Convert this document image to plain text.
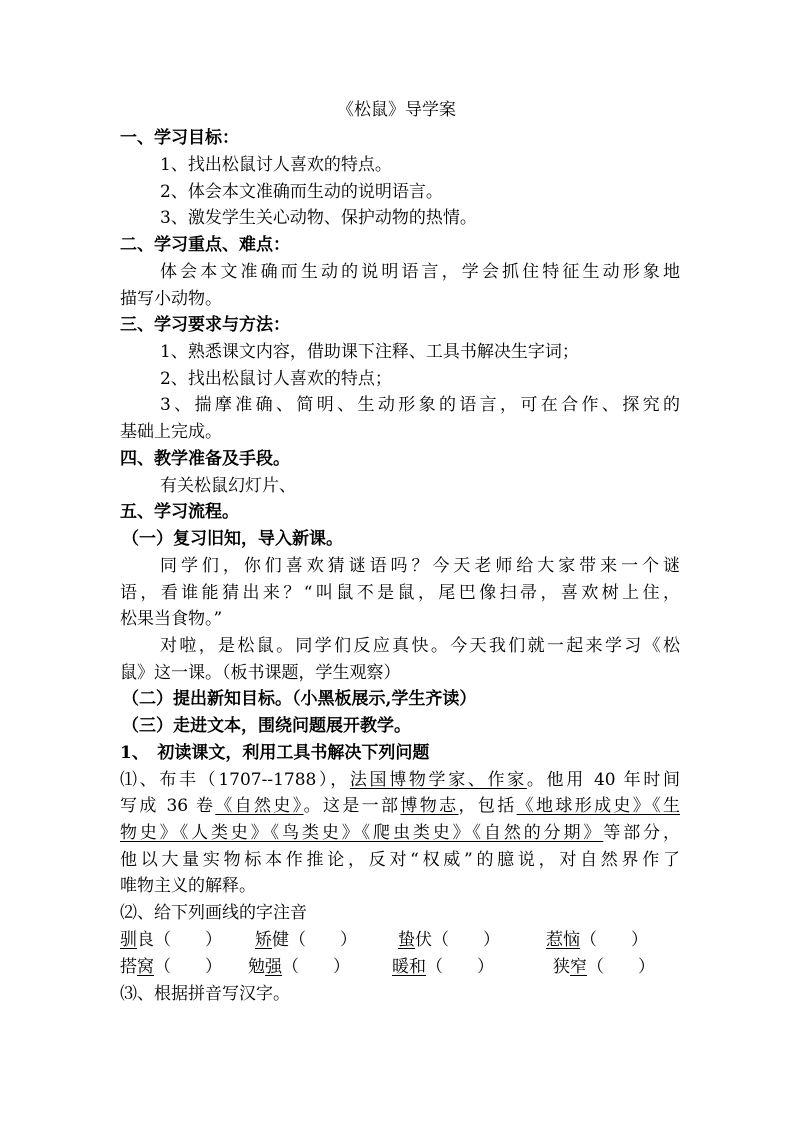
《松鼠》导学案
一、学习目标：
1、找出松鼠讨人喜欢的特点。
2、体会本文准确而生动的说明语言。
3、激发学生关心动物、保护动物的热情。
二、学习重点、难点：
体会本文准确而生动的说明语言，学会抓住特征生动形象地
描写小动物。
三、学习要求与方法：
1、熟悉课文内容，借助课下注释、工具书解决生字词；
2、找出松鼠讨人喜欢的特点；
3、揣摩准确、简明、生动形象的语言，可在合作、探究的
基础上完成。
四、教学准备及手段。
有关松鼠幻灯片、
五、学习流程。
（一）复习旧知，导入新课。
同学们，你们喜欢猜谜语吗？今天老师给大家带来一个谜
语，看谁能猜出来？“叫鼠不是鼠，尾巴像扫帚，喜欢树上住，
松果当食物。”
对啦，是松鼠。同学们反应真快。今天我们就一起来学习《松
鼠》这一课。（板书课题，学生观察）
（二）提出新知目标。（小黑板展示,学生齐读）
（三）走进文本，围绕问题展开教学。
1、　初读课文，利用工具书解决下列问题
⑴、布丰（1707--1788），法国博物学家、作家。他用 40 年时间
写成 36 卷《自然史》。这是一部博物志，包括《地球形成史》《生
物史》《人类史》《鸟类史》《爬虫类史》《自然的分期》等部分，
他以大量实物标本作推论，反对“权威”的臆说，对自然界作了
唯物主义的解释。
⑵、给下列画线的字注音
驯良（　　） 矫健（　　） 蛰伏（　　）	惹恼（　　）
搭窝（　　） 勉强（　　） 暖和（　　）	狭窄（　　）
⑶、根据拼音写汉字。
